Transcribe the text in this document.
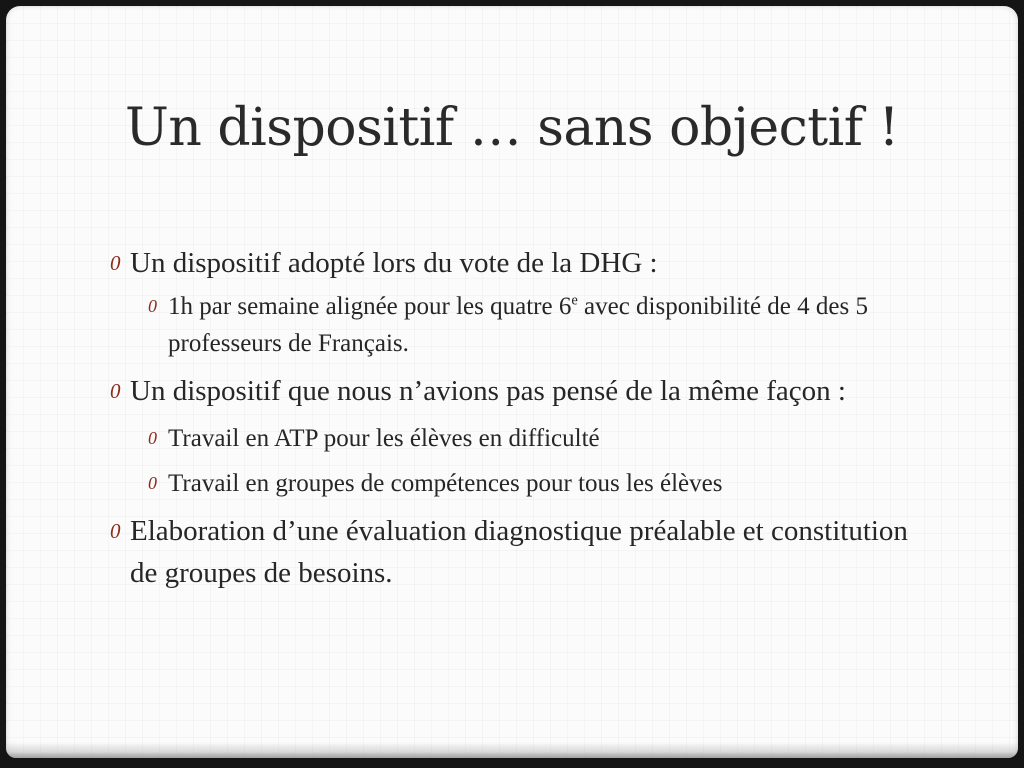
Un dispositif … sans objectif !
0 Un dispositif adopté lors du vote de la DHG :
0 1h par semaine alignée pour les quatre 6e avec disponibilité de 4 des 5 professeurs de Français.
0 Un dispositif que nous n’avions pas pensé de la même façon :
0 Travail en ATP pour les élèves en difficulté
0 Travail en groupes de compétences pour tous les élèves
0 Elaboration d’une évaluation diagnostique préalable et constitution de groupes de besoins.
